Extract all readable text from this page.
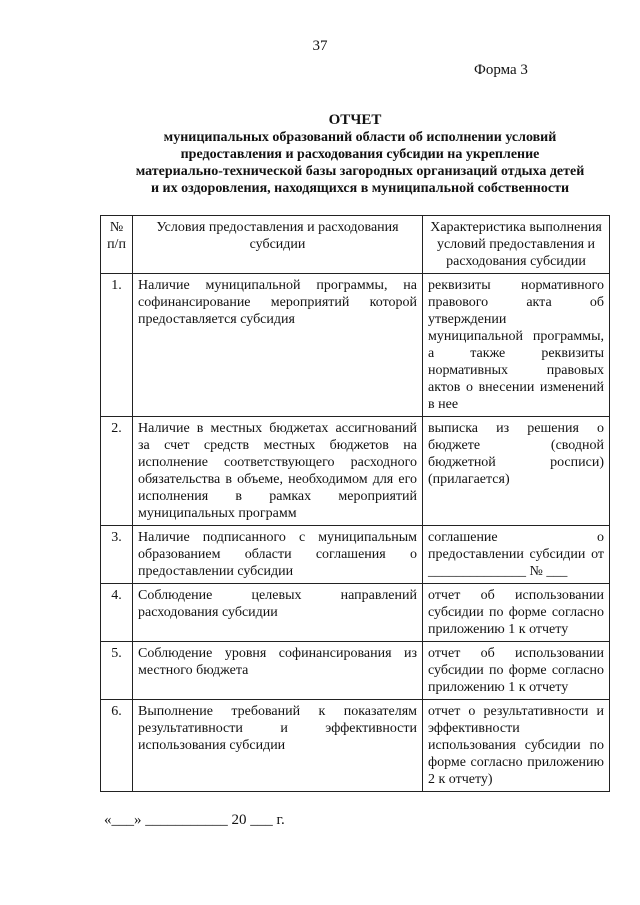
37
Форма 3
ОТЧЕТ
муниципальных образований области об исполнении условий
предоставления и расходования субсидии на укрепление
материально-технической базы загородных организаций отдыха детей
и их оздоровления, находящихся в муниципальной собственности
№ п/п	Условия предоставления и расходования субсидии	Характеристика выполнения условий предоставления и расходования субсидии
1.	Наличие муниципальной программы, на софинансирование мероприятий которой предоставляется субсидия	реквизиты нормативного правового акта об утверждении муниципальной программы, а также реквизиты нормативных правовых актов о внесении изменений в нее
2.	Наличие в местных бюджетах ассигнований за счет средств местных бюджетов на исполнение соответствующего расходного обязательства в объеме, необходимом для его исполнения в рамках мероприятий муниципальных программ	выписка из решения о бюджете (сводной бюджетной росписи) (прилагается)
3.	Наличие подписанного с муниципальным образованием области соглашения о предоставлении субсидии	соглашение о предоставлении субсидии от ______________ № ___
4.	Соблюдение целевых направлений расходования субсидии	отчет об использовании субсидии по форме согласно приложению 1 к отчету
5.	Соблюдение уровня софинансирования из местного бюджета	отчет об использовании субсидии по форме согласно приложению 1 к отчету
6.	Выполнение требований к показателям результативности и эффективности использования субсидии	отчет о результативности и эффективности использования субсидии по форме согласно приложению 2 к отчету)
«___» ___________ 20 ___ г.
